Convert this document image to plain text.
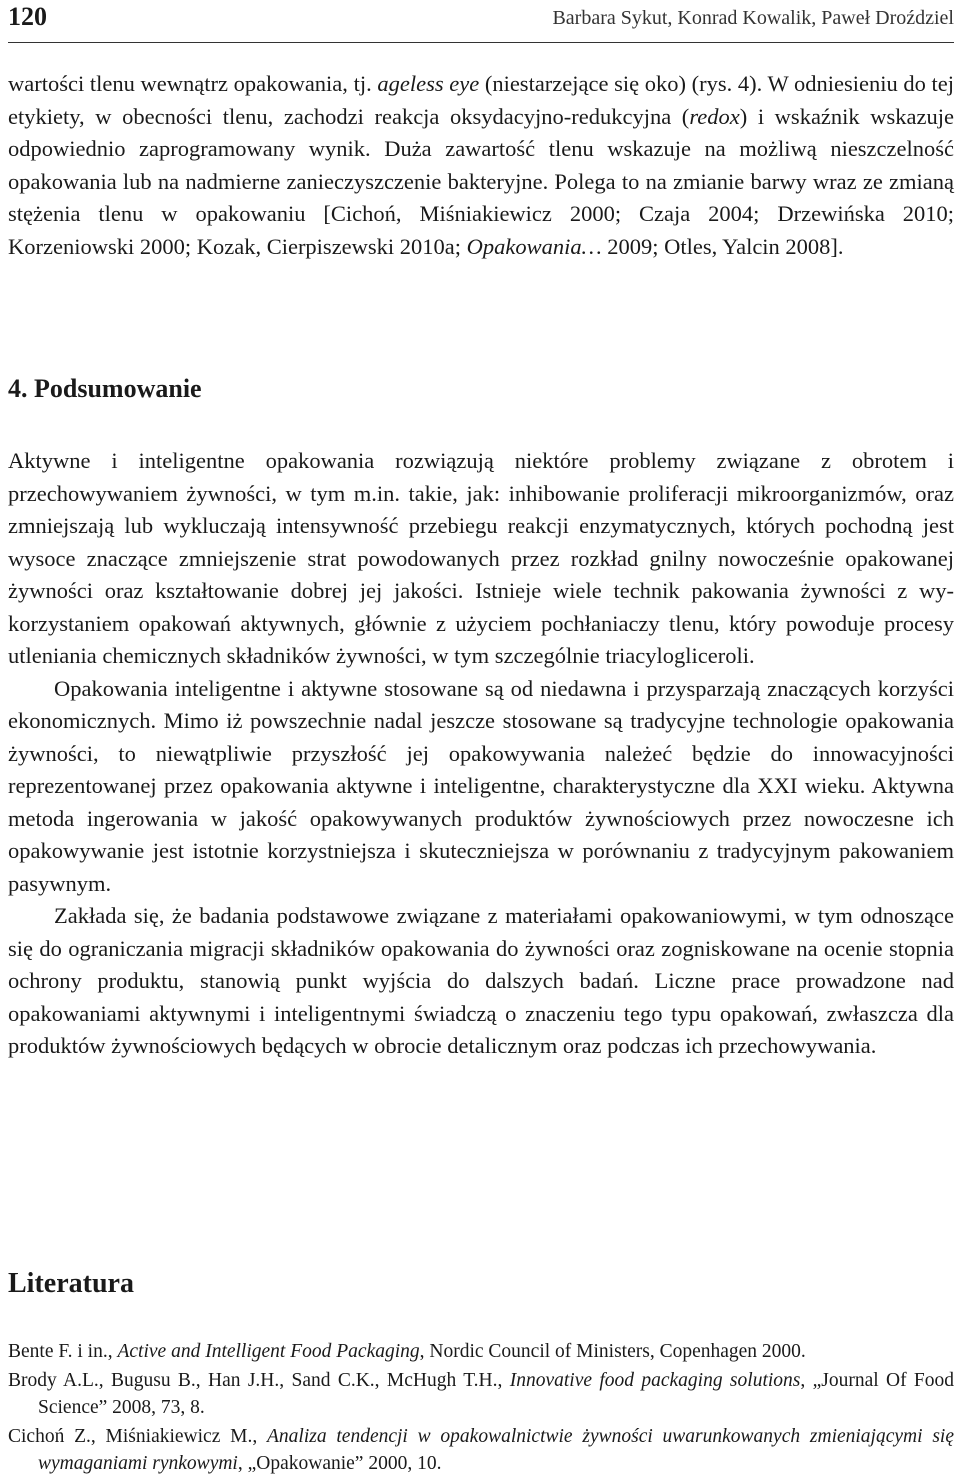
120	Barbara Sykut, Konrad Kowalik, Paweł Droździel

wartości tlenu wewnątrz opakowania, tj. ageless eye (niestarzejące się oko) (rys. 4). W odniesieniu do tej etykiety, w obecności tlenu, zachodzi reakcja oksydacyjno-redukcyjna (redox) i wskaźnik wskazuje odpowiednio zaprogramowany wynik. Duża zawartość tlenu wskazuje na możliwą nieszczelność opakowania lub na nadmierne zanieczyszczenie bakteryjne. Polega to na zmianie barwy wraz ze zmianą stężenia tlenu w opakowaniu [Cichoń, Miśniakiewicz 2000; Czaja 2004; Drzewińska 2010; Korzeniowski 2000; Kozak, Cierpiszewski 2010a; Opakowania… 2009; Otles, Yalcin 2008].

4. Podsumowanie

Aktywne i inteligentne opakowania rozwiązują niektóre problemy związane z obrotem i przechowywaniem żywności, w tym m.in. takie, jak: inhibowanie proliferacji mikroorganizmów, oraz zmniejszają lub wykluczają intensywność przebiegu reakcji enzymatycznych, których pochodną jest wysoce znaczące zmniejszenie strat powodowanych przez rozkład gnilny nowocześnie opakowanej żywności oraz kształtowanie dobrej jej jakości. Istnieje wiele technik pakowania żywności z wykorzystaniem opakowań aktywnych, głównie z użyciem pochłaniaczy tlenu, który powoduje procesy utleniania chemicznych składników żywności, w tym szczególnie triacylogliceroli.

Opakowania inteligentne i aktywne stosowane są od niedawna i przysparzają znaczących korzyści ekonomicznych. Mimo iż powszechnie nadal jeszcze stosowane są tradycyjne technologie opakowania żywności, to niewątpliwie przyszłość jej opakowywania należeć będzie do innowacyjności reprezentowanej przez opakowania aktywne i inteligentne, charakterystyczne dla XXI wieku. Aktywna metoda ingerowania w jakość opakowywanych produktów żywnościowych przez nowoczesne ich opakowywanie jest istotnie korzystniejsza i skuteczniejsza w porównaniu z tradycyjnym pakowaniem pasywnym.

Zakłada się, że badania podstawowe związane z materiałami opakowaniowymi, w tym odnoszące się do ograniczania migracji składników opakowania do żywności oraz zogniskowane na ocenie stopnia ochrony produktu, stanowią punkt wyjścia do dalszych badań. Liczne prace prowadzone nad opakowaniami aktywnymi i inteligentnymi świadczą o znaczeniu tego typu opakowań, zwłaszcza dla produktów żywnościowych będących w obrocie detalicznym oraz podczas ich przechowywania.

Literatura

Bente F. i in., Active and Intelligent Food Packaging, Nordic Council of Ministers, Copenhagen 2000.

Brody A.L., Bugusu B., Han J.H., Sand C.K., McHugh T.H., Innovative food packaging solutions, „Journal Of Food Science” 2008, 73, 8.

Cichoń Z., Miśniakiewicz M., Analiza tendencji w opakowalnictwie żywności uwarunkowanych zmieniającymi się wymaganiami rynkowymi, „Opakowanie” 2000, 10.
